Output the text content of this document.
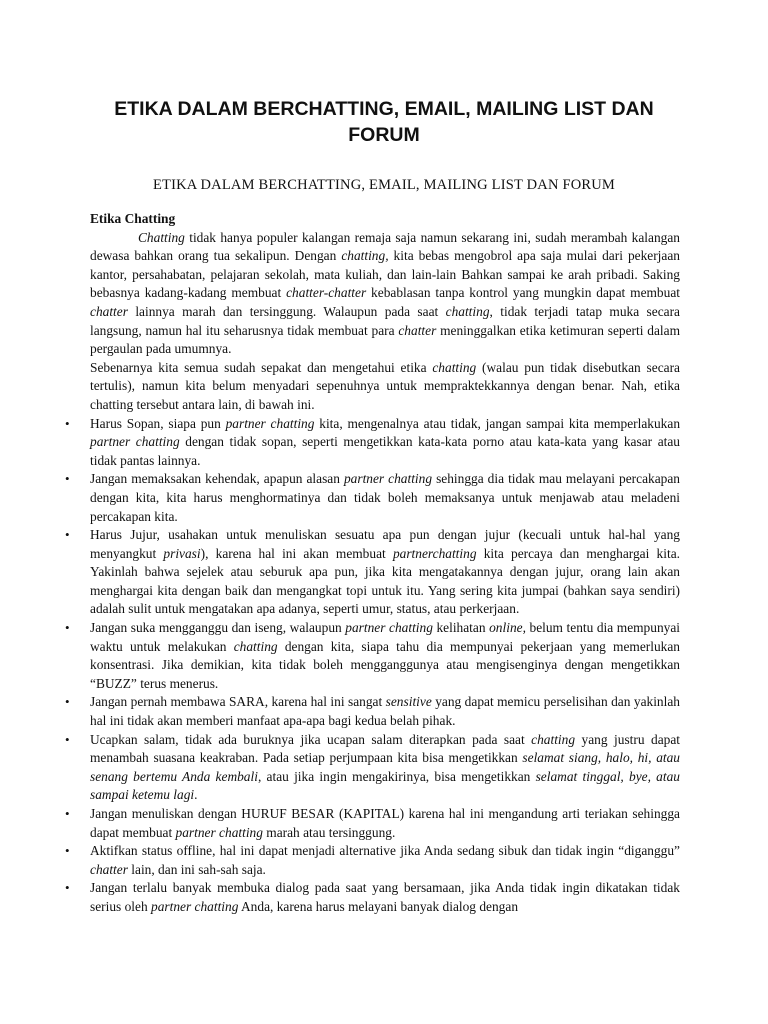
ETIKA DALAM BERCHATTING, EMAIL, MAILING LIST DAN FORUM
ETIKA DALAM BERCHATTING, EMAIL, MAILING LIST DAN FORUM
Etika Chatting

Chatting tidak hanya populer kalangan remaja saja namun sekarang ini, sudah merambah kalangan dewasa bahkan orang tua sekalipun. Dengan chatting, kita bebas mengobrol apa saja mulai dari pekerjaan kantor, persahabatan, pelajaran sekolah, mata kuliah, dan lain-lain Bahkan sampai ke arah pribadi. Saking bebasnya kadang-kadang membuat chatter-chatter kebablasan tanpa kontrol yang mungkin dapat membuat chatter lainnya marah dan tersinggung. Walaupun pada saat chatting, tidak terjadi tatap muka secara langsung, namun hal itu seharusnya tidak membuat para chatter meninggalkan etika ketimuran seperti dalam pergaulan pada umumnya.

Sebenarnya kita semua sudah sepakat dan mengetahui etika chatting (walau pun tidak disebutkan secara tertulis), namun kita belum menyadari sepenuhnya untuk mempraktekkannya dengan benar. Nah, etika chatting tersebut antara lain, di bawah ini.

• Harus Sopan, siapa pun partner chatting kita, mengenalnya atau tidak, jangan sampai kita memperlakukan partner chatting dengan tidak sopan, seperti mengetikkan kata-kata porno atau kata-kata yang kasar atau tidak pantas lainnya.
• Jangan memaksakan kehendak, apapun alasan partner chatting sehingga dia tidak mau melayani percakapan dengan kita, kita harus menghormatinya dan tidak boleh memaksanya untuk menjawab atau meladeni percakapan kita.
• Harus Jujur, usahakan untuk menuliskan sesuatu apa pun dengan jujur (kecuali untuk hal-hal yang menyangkut privasi), karena hal ini akan membuat partnerchatting kita percaya dan menghargai kita. Yakinlah bahwa sejelek atau seburuk apa pun, jika kita mengatakannya dengan jujur, orang lain akan menghargai kita dengan baik dan mengangkat topi untuk itu. Yang sering kita jumpai (bahkan saya sendiri) adalah sulit untuk mengatakan apa adanya, seperti umur, status, atau perkerjaan.
• Jangan suka mengganggu dan iseng, walaupun partner chatting kelihatan online, belum tentu dia mempunyai waktu untuk melakukan chatting dengan kita, siapa tahu dia mempunyai pekerjaan yang memerlukan konsentrasi. Jika demikian, kita tidak boleh mengganggunya atau mengisenginya dengan mengetikkan “BUZZ” terus menerus.
• Jangan pernah membawa SARA, karena hal ini sangat sensitive yang dapat memicu perselisihan dan yakinlah hal ini tidak akan memberi manfaat apa-apa bagi kedua belah pihak.
• Ucapkan salam, tidak ada buruknya jika ucapan salam diterapkan pada saat chatting yang justru dapat menambah suasana keakraban. Pada setiap perjumpaan kita bisa mengetikkan selamat siang, halo, hi, atau senang bertemu Anda kembali, atau jika ingin mengakirinya, bisa mengetikkan selamat tinggal, bye, atau sampai ketemu lagi.
• Jangan menuliskan dengan HURUF BESAR (KAPITAL) karena hal ini mengandung arti teriakan sehingga dapat membuat partner chatting marah atau tersinggung.
• Aktifkan status offline, hal ini dapat menjadi alternative jika Anda sedang sibuk dan tidak ingin “diganggu” chatter lain, dan ini sah-sah saja.
• Jangan terlalu banyak membuka dialog pada saat yang bersamaan, jika Anda tidak ingin dikatakan tidak serius oleh partner chatting Anda, karena harus melayani banyak dialog dengan
